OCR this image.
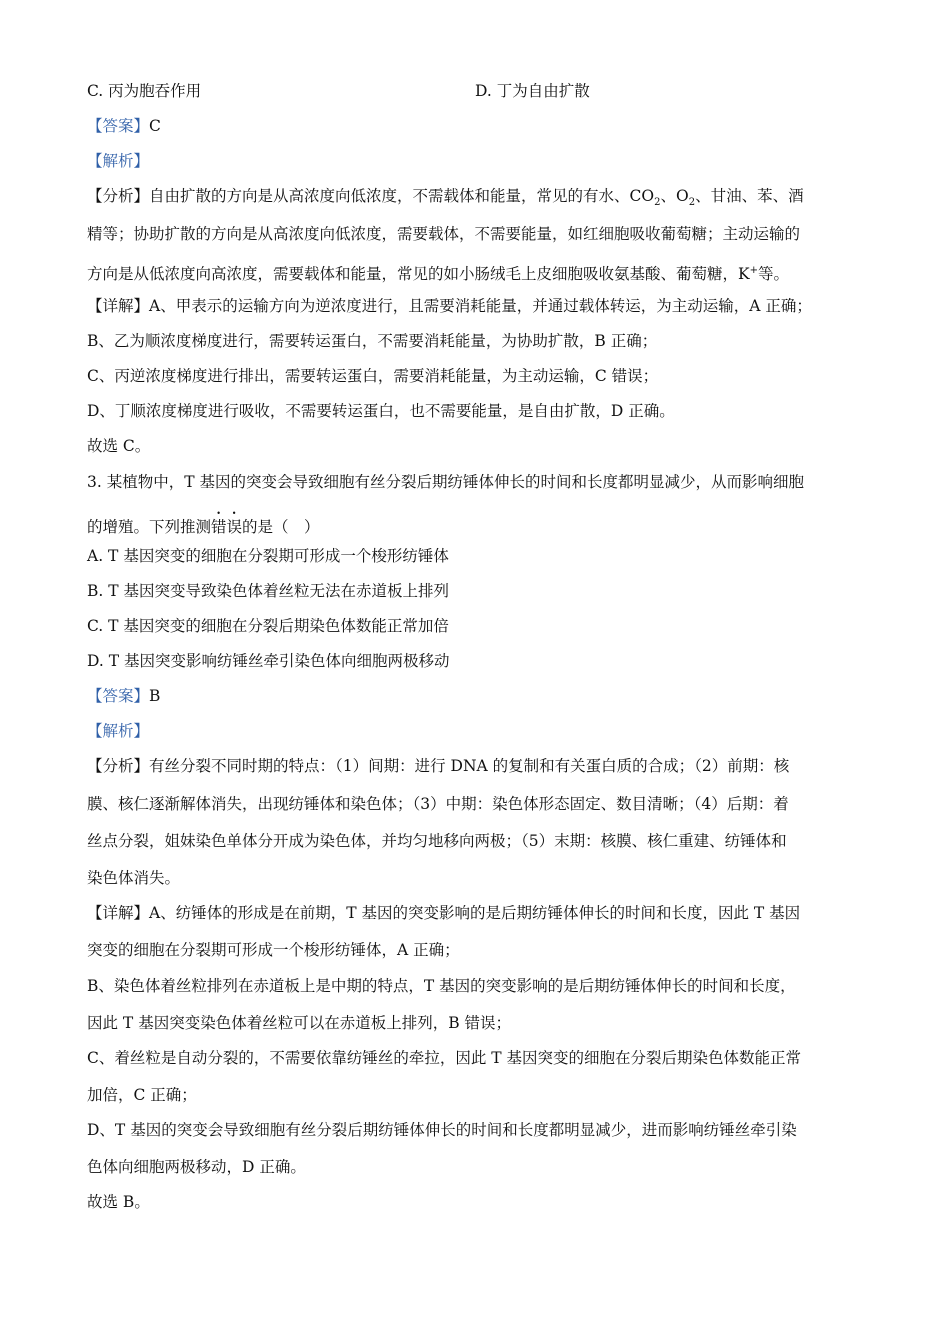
C. 丙为胞吞作用	D. 丁为自由扩散
【答案】C
【解析】
【分析】自由扩散的方向是从高浓度向低浓度，不需载体和能量，常见的有水、$CO_2$、$O_2$、甘油、苯、酒
精等；协助扩散的方向是从高浓度向低浓度，需要载体，不需要能量，如红细胞吸收葡萄糖；主动运输的
方向是从低浓度向高浓度，需要载体和能量，常见的如小肠绒毛上皮细胞吸收氨基酸、葡萄糖，K+等。
【详解】A、甲表示的运输方向为逆浓度进行，且需要消耗能量，并通过载体转运，为主动运输，A 正确；
B、乙为顺浓度梯度进行，需要转运蛋白，不需要消耗能量，为协助扩散，B 正确；
C、丙逆浓度梯度进行排出，需要转运蛋白，需要消耗能量，为主动运输，C 错误；
D、丁顺浓度梯度进行吸收，不需要转运蛋白，也不需要能量，是自由扩散，D 正确。
故选 C。
3. 某植物中，T 基因的突变会导致细胞有丝分裂后期纺锤体伸长的时间和长度都明显减少，从而影响细胞
的增殖。下列推测错误的是（　）
A. T 基因突变的细胞在分裂期可形成一个梭形纺锤体
B. T 基因突变导致染色体着丝粒无法在赤道板上排列
C. T 基因突变的细胞在分裂后期染色体数能正常加倍
D. T 基因突变影响纺锤丝牵引染色体向细胞两极移动
【答案】B
【解析】
【分析】有丝分裂不同时期的特点：（1）间期：进行 DNA 的复制和有关蛋白质的合成；（2）前期：核
膜、核仁逐渐解体消失，出现纺锤体和染色体；（3）中期：染色体形态固定、数目清晰；（4）后期：着
丝点分裂，姐妹染色单体分开成为染色体，并均匀地移向两极；（5）末期：核膜、核仁重建、纺锤体和
染色体消失。
【详解】A、纺锤体的形成是在前期，T 基因的突变影响的是后期纺锤体伸长的时间和长度，因此 T 基因
突变的细胞在分裂期可形成一个梭形纺锤体，A 正确；
B、染色体着丝粒排列在赤道板上是中期的特点，T 基因的突变影响的是后期纺锤体伸长的时间和长度，
因此 T 基因突变染色体着丝粒可以在赤道板上排列，B 错误；
C、着丝粒是自动分裂的，不需要依靠纺锤丝的牵拉，因此 T 基因突变的细胞在分裂后期染色体数能正常
加倍，C 正确；
D、T 基因的突变会导致细胞有丝分裂后期纺锤体伸长的时间和长度都明显减少，进而影响纺锤丝牵引染
色体向细胞两极移动，D 正确。
故选 B。
